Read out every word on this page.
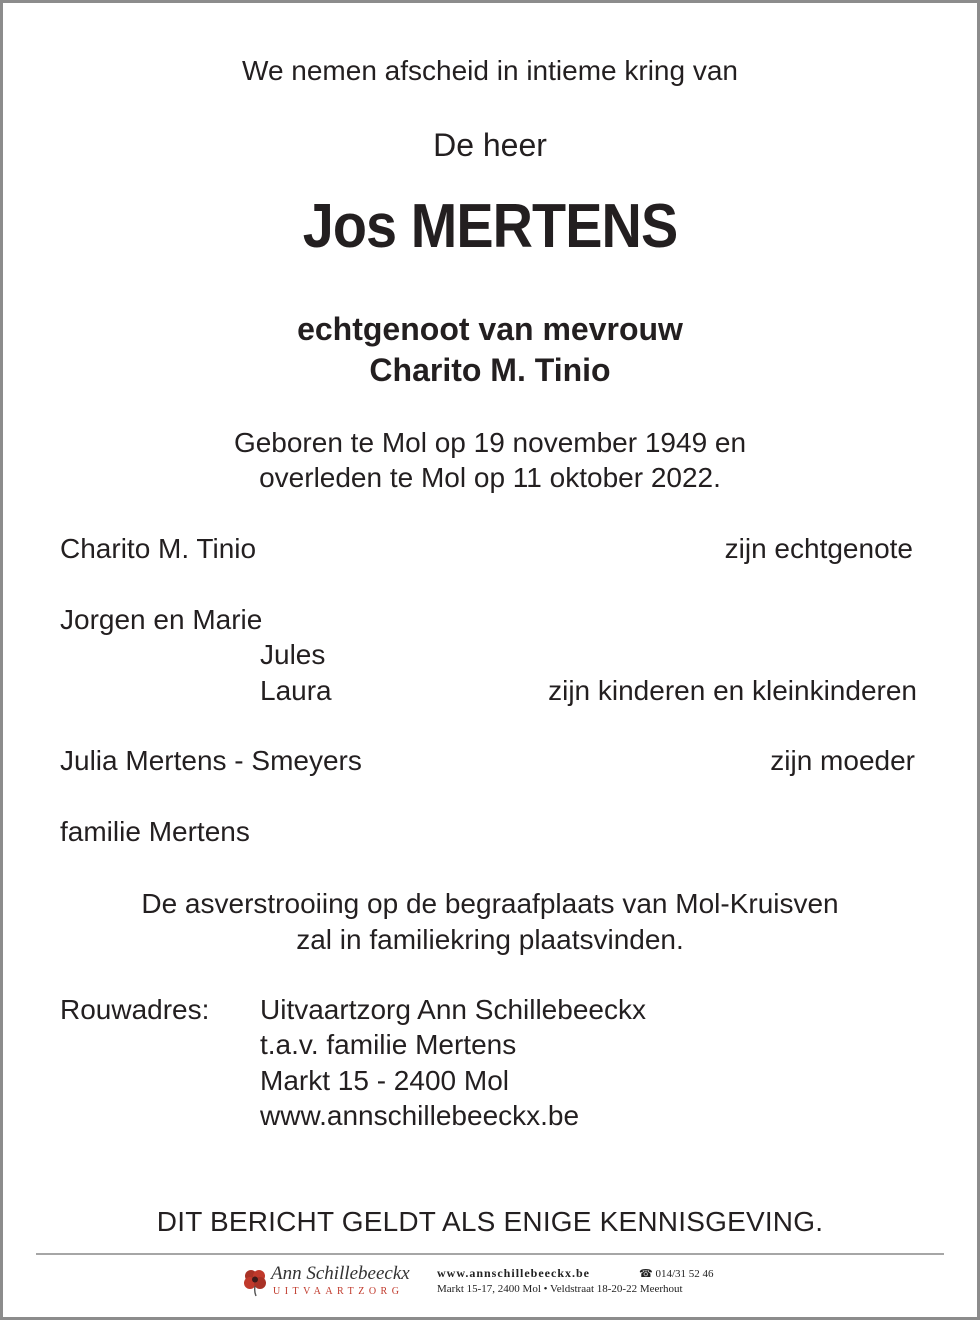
We nemen afscheid in intieme kring van
De heer
Jos MERTENS
echtgenoot van mevrouw
Charito M. Tinio
Geboren te Mol op 19 november 1949 en
overleden te Mol op 11 oktober 2022.
Charito M. Tinio	zijn echtgenote
Jorgen en Marie
Jules
Laura	zijn kinderen en kleinkinderen
Julia Mertens - Smeyers	zijn moeder
familie Mertens
De asverstrooiing op de begraafplaats van Mol-Kruisven
zal in familiekring plaatsvinden.
Rouwadres: Uitvaartzorg Ann Schillebeeckx
t.a.v. familie Mertens
Markt 15 - 2400 Mol
www.annschillebeeckx.be
DIT BERICHT GELDT ALS ENIGE KENNISGEVING.
Ann Schillebeeckx
UITVAARTZORG
www.annschillebeeckx.be	☎ 014/31 52 46
Markt 15-17, 2400 Mol • Veldstraat 18-20-22 Meerhout
